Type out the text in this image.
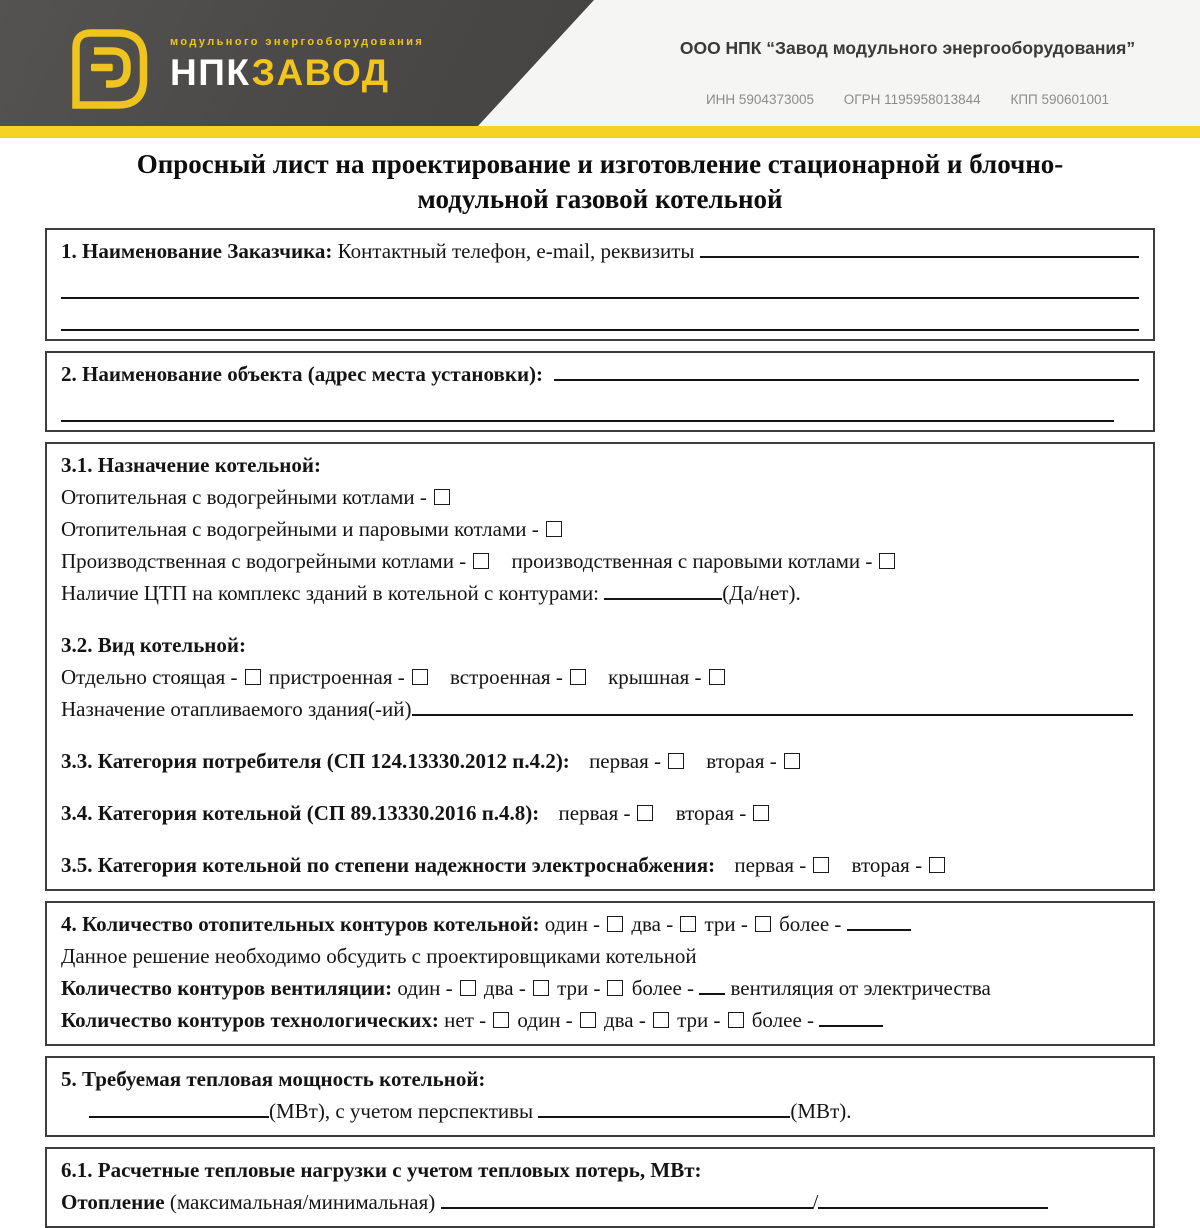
модульного энергооборудования
НПКЗАВОД
ООО НПК “Завод модульного энергооборудования”
ИНН 5904373005 ОГРН 1195958013844 КПП 590601001
Опросный лист на проектирование и изготовление стационарной и блочно-
модульной газовой котельной
1. Наименование Заказчика:
Контактный телефон, e-mail, реквизиты

2. Наименование объекта (адрес места установки):

3.1. Назначение котельной:
Отопительная с водогрейными котлами -
Отопительная с водогрейными и паровыми котлами -
Производственная с водогрейными котлами - производственная с паровыми котлами -
Наличие ЦТП на комплекс зданий в котельной с контурами:	(Да/нет).
3.2. Вид котельной:
Отдельно стоящая - пристроенная - встроенная - крышная -
Назначение отапливаемого здания(-ий)
3.3. Категория потребителя (СП 124.13330.2012 п.4.2): первая - вторая -
3.4. Категория котельной (СП 89.13330.2016 п.4.8): первая - вторая -
3.5. Категория котельной по степени надежности электроснабжения: первая - вторая -
4. Количество отопительных контуров котельной: один - два - три - более -
Данное решение необходимо обсудить с проектировщиками котельной
Количество контуров вентиляции: один - два - три - более - вентиляция от электричества
Количество контуров технологических: нет - один - два - три - более -
5. Требуемая тепловая мощность котельной:
(МВт), с учетом перспективы	(МВт).
6.1. Расчетные тепловые нагрузки с учетом тепловых потерь, МВт:
Отопление (максимальная/минимальная)	/
